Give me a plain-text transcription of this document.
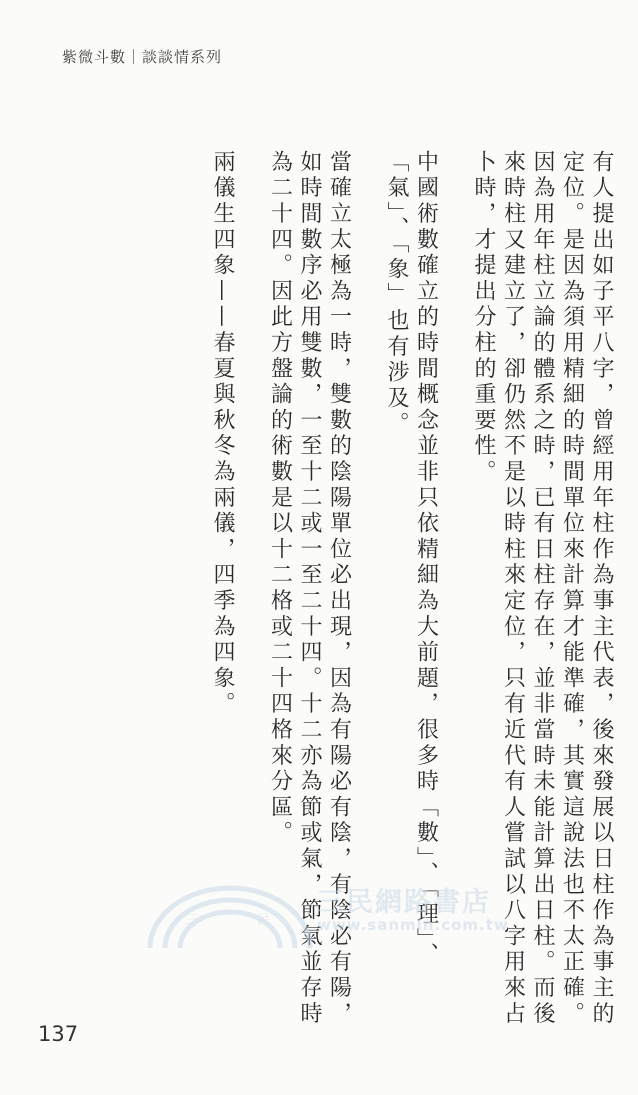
紫微斗數｜談談情系列

有人提出如子平八字，曾經用年柱作為事主代表，後來發展以日柱作為事主的定位。是因為須用精細的時間單位來計算才能準確，其實這說法也不太正確。

因為用年柱立論的體系之時，已有日柱存在，並非當時未能計算出日柱。而後來時柱又建立了，卻仍然不是以時柱來定位，只有近代有人嘗試以八字用來占卜時，才提出分柱的重要性。

中國術數確立的時間概念並非只依精細為大前題，很多時「數」、「理」、「氣」、「象」也有涉及。

當確立太極為一時，雙數的陰陽單位必出現，因為有陽必有陰，有陰必有陽，如時間數序必用雙數，一至十二或一至二十四。十二亦為節或氣，節氣並存時為二十四。因此方盤論的術數是以十二格或二十四格來分區。

兩儀生四象——春夏與秋冬為兩儀，四季為四象。

三	民
三民網路書店
www.sanmin.com.tw
137
